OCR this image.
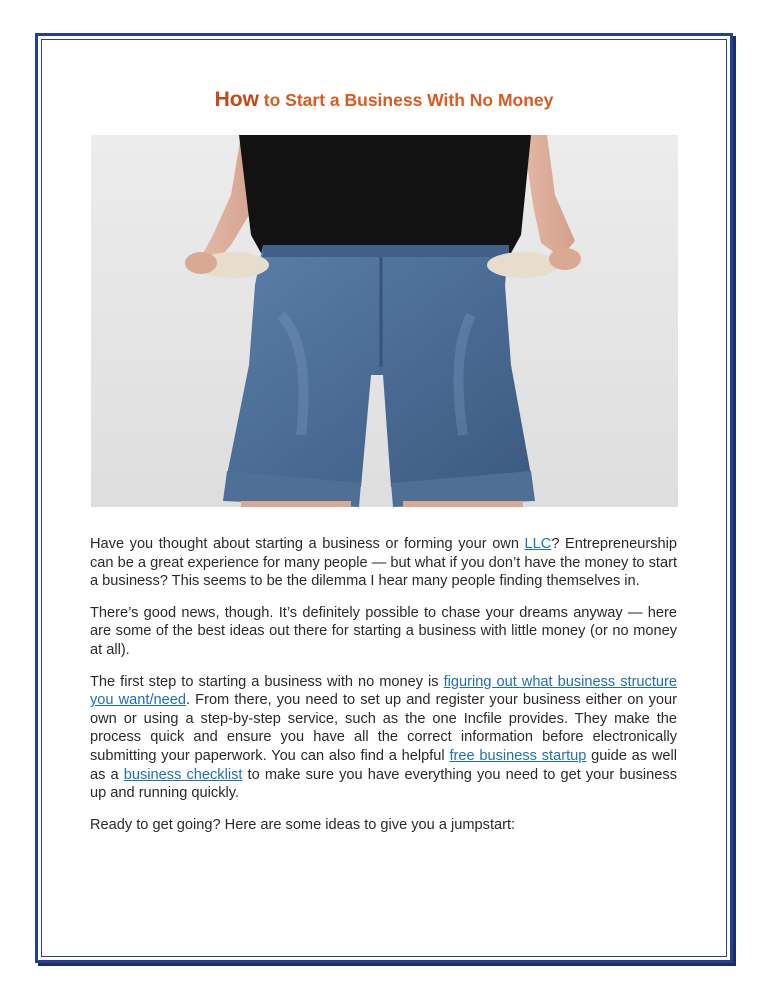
How to Start a Business With No Money

Have you thought about starting a business or forming your own LLC? Entrepreneurship can be a great experience for many people — but what if you don’t have the money to start a business? This seems to be the dilemma I hear many people finding themselves in.

There’s good news, though. It’s definitely possible to chase your dreams anyway — here are some of the best ideas out there for starting a business with little money (or no money at all).

The first step to starting a business with no money is figuring out what business structure you want/need. From there, you need to set up and register your business either on your own or using a step-by-step service, such as the one Incfile provides. They make the process quick and ensure you have all the correct information before electronically submitting your paperwork. You can also find a helpful free business startup guide as well as a business checklist to make sure you have everything you need to get your business up and running quickly.

Ready to get going? Here are some ideas to give you a jumpstart:
